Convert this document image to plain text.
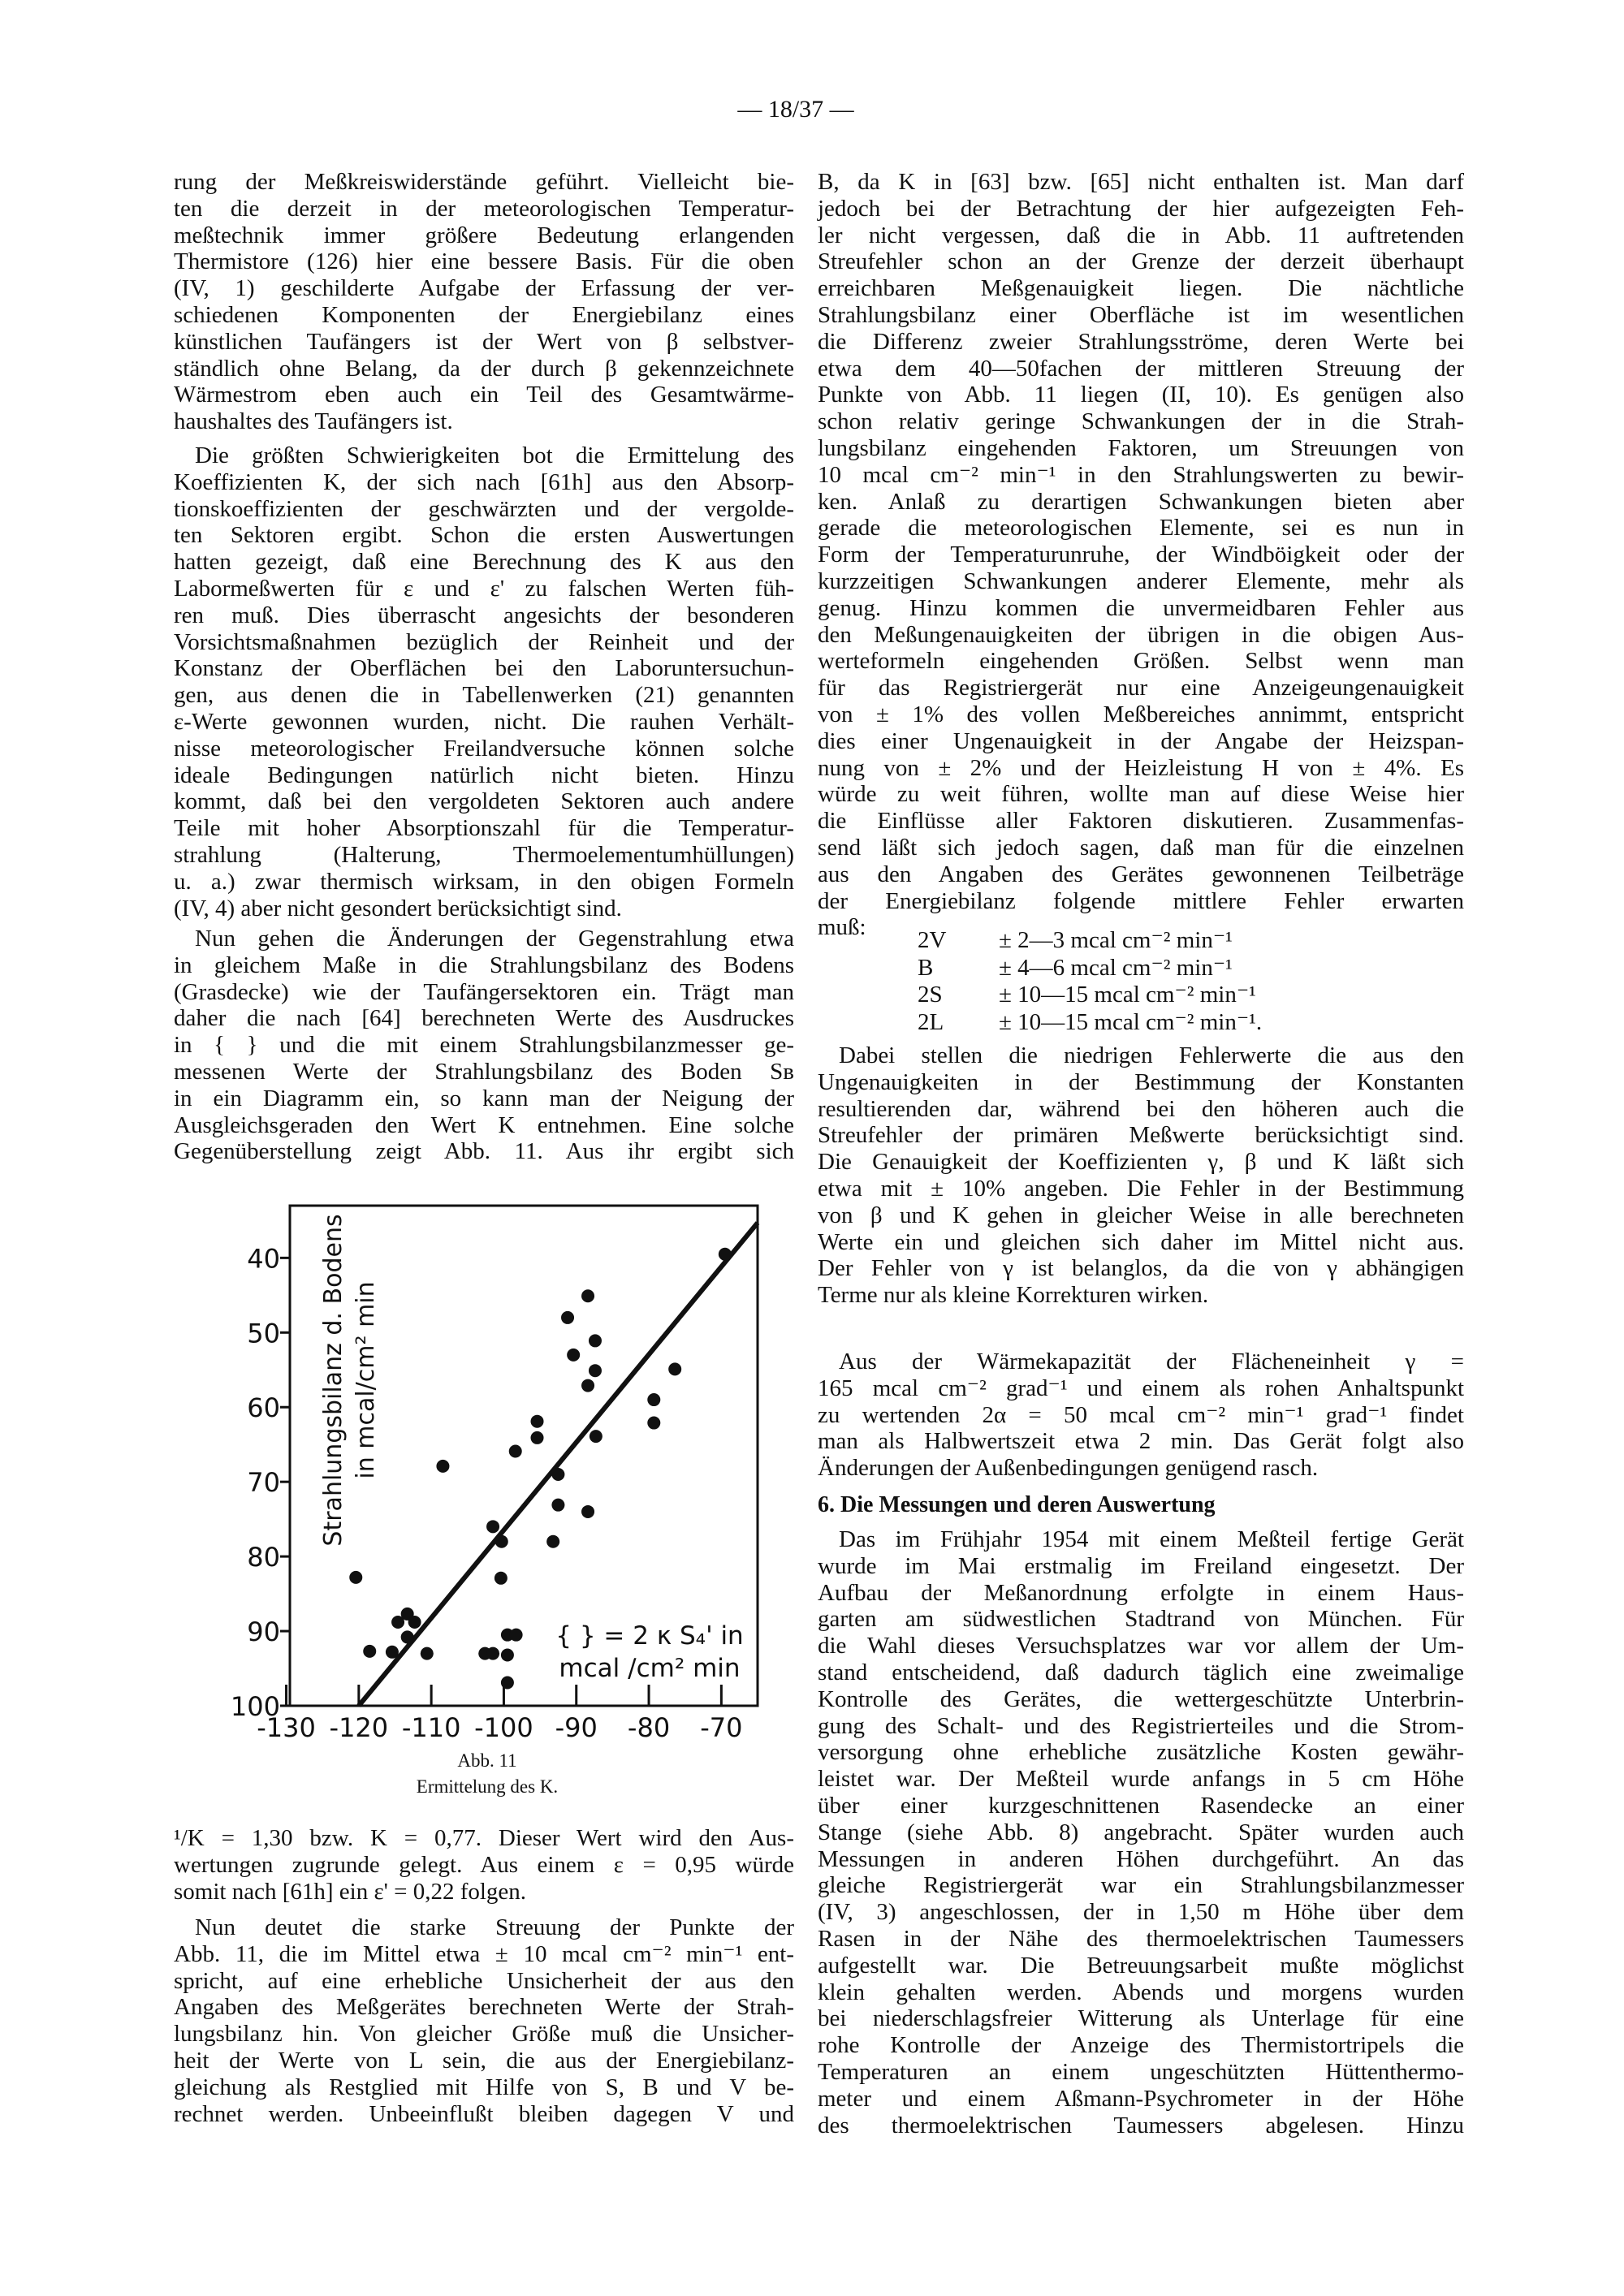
— 18/37 —
rung der Meßkreiswiderstände geführt. Vielleicht bie-
ten die derzeit in der meteorologischen Temperatur-
meßtechnik immer größere Bedeutung erlangenden
Thermistore (126) hier eine bessere Basis. Für die oben
(IV, 1) geschilderte Aufgabe der Erfassung der ver-
schiedenen Komponenten der Energiebilanz eines
künstlichen Taufängers ist der Wert von β selbstver-
ständlich ohne Belang, da der durch β gekennzeichnete
Wärmestrom eben auch ein Teil des Gesamtwärme-
haushaltes des Taufängers ist.
Die größten Schwierigkeiten bot die Ermittelung des
Koeffizienten K, der sich nach [61h] aus den Absorp-
tionskoeffizienten der geschwärzten und der vergolde-
ten Sektoren ergibt. Schon die ersten Auswertungen
hatten gezeigt, daß eine Berechnung des K aus den
Labormeßwerten für ε und ε' zu falschen Werten füh-
ren muß. Dies überrascht angesichts der besonderen
Vorsichtsmaßnahmen bezüglich der Reinheit und der
Konstanz der Oberflächen bei den Laboruntersuchun-
gen, aus denen die in Tabellenwerken (21) genannten
ε-Werte gewonnen wurden, nicht. Die rauhen Verhält-
nisse meteorologischer Freilandversuche können solche
ideale Bedingungen natürlich nicht bieten. Hinzu
kommt, daß bei den vergoldeten Sektoren auch andere
Teile mit hoher Absorptionszahl für die Temperatur-
strahlung (Halterung, Thermoelementumhüllungen)
u. a.) zwar thermisch wirksam, in den obigen Formeln
(IV, 4) aber nicht gesondert berücksichtigt sind.
Nun gehen die Änderungen der Gegenstrahlung etwa
in gleichem Maße in die Strahlungsbilanz des Bodens
(Grasdecke) wie der Taufängersektoren ein. Trägt man
daher die nach [64] berechneten Werte des Ausdruckes
in { } und die mit einem Strahlungsbilanzmesser ge-
messenen Werte der Strahlungsbilanz des Boden Sʙ
in ein Diagramm ein, so kann man der Neigung der
Ausgleichsgeraden den Wert K entnehmen. Eine solche
Gegenüberstellung zeigt Abb. 11. Aus ihr ergibt sich
-130 -120 -110 -100 -90 -80 -70
40
50
60
70
80
90
100
Strahlungsbilanz d. Bodens in mcal/cm² min
{ } = 2 κ S₄' in
mcal /cm² min
Abb. 11
Ermittelung des K.
¹/K = 1,30 bzw. K = 0,77. Dieser Wert wird den Aus-
wertungen zugrunde gelegt. Aus einem ε = 0,95 würde
somit nach [61h] ein ε' = 0,22 folgen.
Nun deutet die starke Streuung der Punkte der
Abb. 11, die im Mittel etwa ± 10 mcal cm⁻² min⁻¹ ent-
spricht, auf eine erhebliche Unsicherheit der aus den
Angaben des Meßgerätes berechneten Werte der Strah-
lungsbilanz hin. Von gleicher Größe muß die Unsicher-
heit der Werte von L sein, die aus der Energiebilanz-
gleichung als Restglied mit Hilfe von S, B und V be-
rechnet werden. Unbeeinflußt bleiben dagegen V und
B, da K in [63] bzw. [65] nicht enthalten ist. Man darf
jedoch bei der Betrachtung der hier aufgezeigten Feh-
ler nicht vergessen, daß die in Abb. 11 auftretenden
Streufehler schon an der Grenze der derzeit überhaupt
erreichbaren Meßgenauigkeit liegen. Die nächtliche
Strahlungsbilanz einer Oberfläche ist im wesentlichen
die Differenz zweier Strahlungsströme, deren Werte bei
etwa dem 40—50fachen der mittleren Streuung der
Punkte von Abb. 11 liegen (II, 10). Es genügen also
schon relativ geringe Schwankungen der in die Strah-
lungsbilanz eingehenden Faktoren, um Streuungen von
10 mcal cm⁻² min⁻¹ in den Strahlungswerten zu bewir-
ken. Anlaß zu derartigen Schwankungen bieten aber
gerade die meteorologischen Elemente, sei es nun in
Form der Temperaturunruhe, der Windböigkeit oder der
kurzzeitigen Schwankungen anderer Elemente, mehr als
genug. Hinzu kommen die unvermeidbaren Fehler aus
den Meßungenauigkeiten der übrigen in die obigen Aus-
werteformeln eingehenden Größen. Selbst wenn man
für das Registriergerät nur eine Anzeigeungenauigkeit
von ± 1% des vollen Meßbereiches annimmt, entspricht
dies einer Ungenauigkeit in der Angabe der Heizspan-
nung von ± 2% und der Heizleistung H von ± 4%. Es
würde zu weit führen, wollte man auf diese Weise hier
die Einflüsse aller Faktoren diskutieren. Zusammenfas-
send läßt sich jedoch sagen, daß man für die einzelnen
aus den Angaben des Gerätes gewonnenen Teilbeträge
der Energiebilanz folgende mittlere Fehler erwarten
muß:	2V	± 2—3 mcal cm⁻² min⁻¹
B	± 4—6 mcal cm⁻² min⁻¹
2S	± 10—15 mcal cm⁻² min⁻¹
2L	± 10—15 mcal cm⁻² min⁻¹.
Dabei stellen die niedrigen Fehlerwerte die aus den
Ungenauigkeiten in der Bestimmung der Konstanten
resultierenden dar, während bei den höheren auch die
Streufehler der primären Meßwerte berücksichtigt sind.
Die Genauigkeit der Koeffizienten γ, β und K läßt sich
etwa mit ± 10% angeben. Die Fehler in der Bestimmung
von β und K gehen in gleicher Weise in alle berechneten
Werte ein und gleichen sich daher im Mittel nicht aus.
Der Fehler von γ ist belanglos, da die von γ abhängigen
Terme nur als kleine Korrekturen wirken.
Aus der Wärmekapazität der Flächeneinheit γ =
165 mcal cm⁻² grad⁻¹ und einem als rohen Anhaltspunkt
zu wertenden 2α = 50 mcal cm⁻² min⁻¹ grad⁻¹ findet
man als Halbwertszeit etwa 2 min. Das Gerät folgt also
Änderungen der Außenbedingungen genügend rasch.
6. Die Messungen und deren Auswertung
Das im Frühjahr 1954 mit einem Meßteil fertige Gerät
wurde im Mai erstmalig im Freiland eingesetzt. Der
Aufbau der Meßanordnung erfolgte in einem Haus-
garten am südwestlichen Stadtrand von München. Für
die Wahl dieses Versuchsplatzes war vor allem der Um-
stand entscheidend, daß dadurch täglich eine zweimalige
Kontrolle des Gerätes, die wettergeschützte Unterbrin-
gung des Schalt- und des Registrierteiles und die Strom-
versorgung ohne erhebliche zusätzliche Kosten gewähr-
leistet war. Der Meßteil wurde anfangs in 5 cm Höhe
über einer kurzgeschnittenen Rasendecke an einer
Stange (siehe Abb. 8) angebracht. Später wurden auch
Messungen in anderen Höhen durchgeführt. An das
gleiche Registriergerät war ein Strahlungsbilanzmesser
(IV, 3) angeschlossen, der in 1,50 m Höhe über dem
Rasen in der Nähe des thermoelektrischen Taumessers
aufgestellt war. Die Betreuungsarbeit mußte möglichst
klein gehalten werden. Abends und morgens wurden
bei niederschlagsfreier Witterung als Unterlage für eine
rohe Kontrolle der Anzeige des Thermistortripels die
Temperaturen an einem ungeschützten Hüttenthermo-
meter und einem Aßmann-Psychrometer in der Höhe
des thermoelektrischen Taumessers abgelesen. Hinzu
